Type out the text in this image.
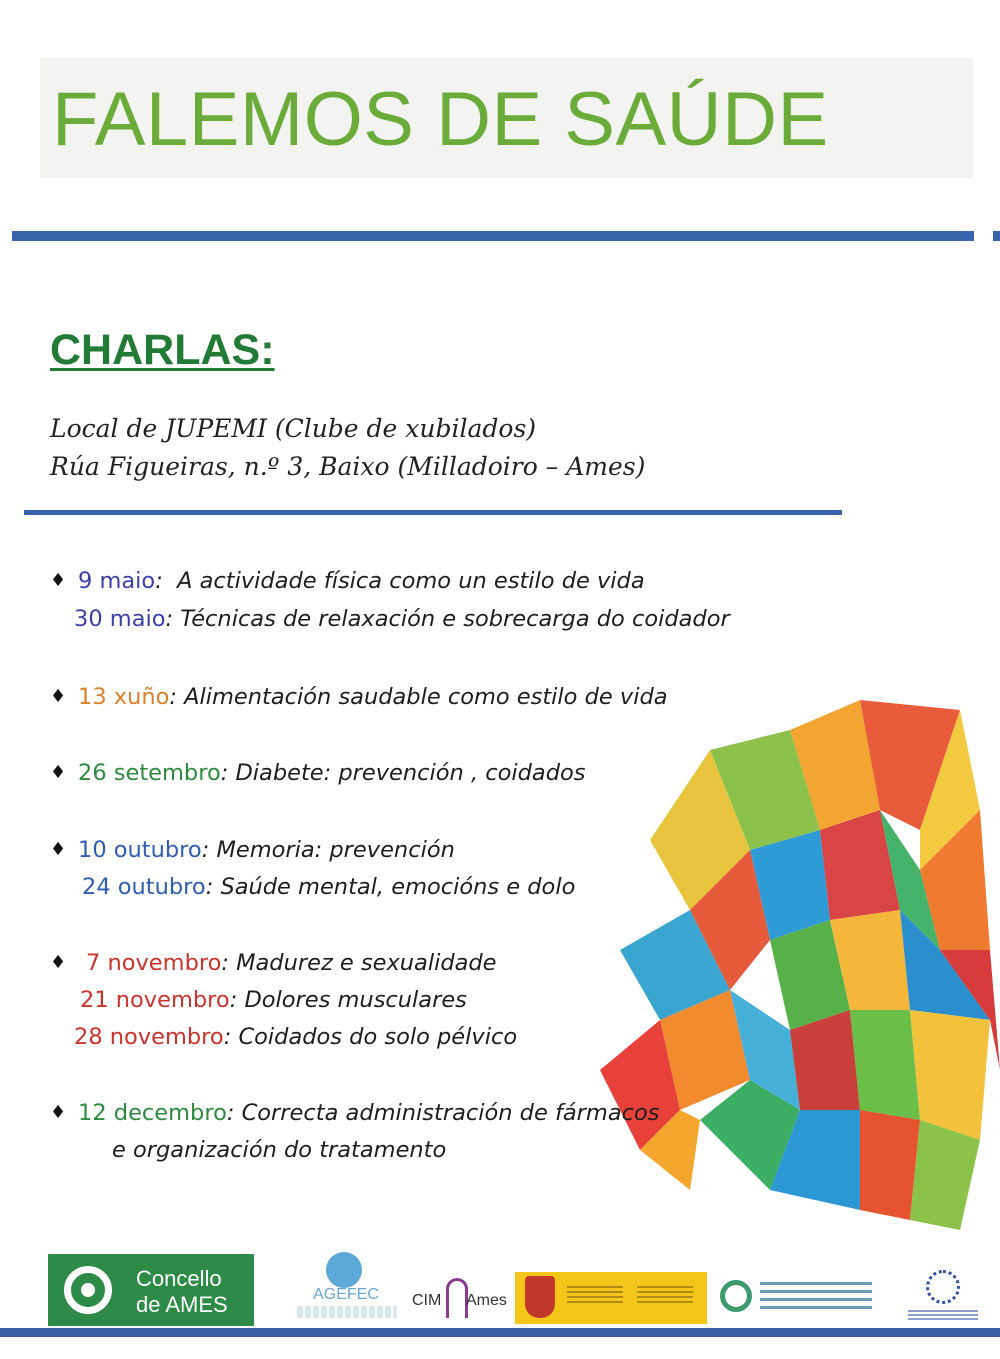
FALEMOS DE SAÚDE
CHARLAS:
Local de JUPEMI (Clube de xubilados)
Rúa Figueiras, n.º 3, Baixo (Milladoiro – Ames)
♦
♦
♦
♦
♦
♦
9 maio:  A actividade física como un estilo de vida
30 maio: Técnicas de relaxación e sobrecarga do coidador
13 xuño: Alimentación saudable como estilo de vida
26 setembro: Diabete: prevención , coidados
10 outubro: Memoria: prevención
24 outubro: Saúde mental, emocións e dolo
7 novembro: Madurez e sexualidade
21 novembro: Dolores musculares
28 novembro: Coidados do solo pélvico
12 decembro: Correcta administración de fármacos
e organización do tratamento
Concello
de AMES	AGEFEC	CIM Ames
